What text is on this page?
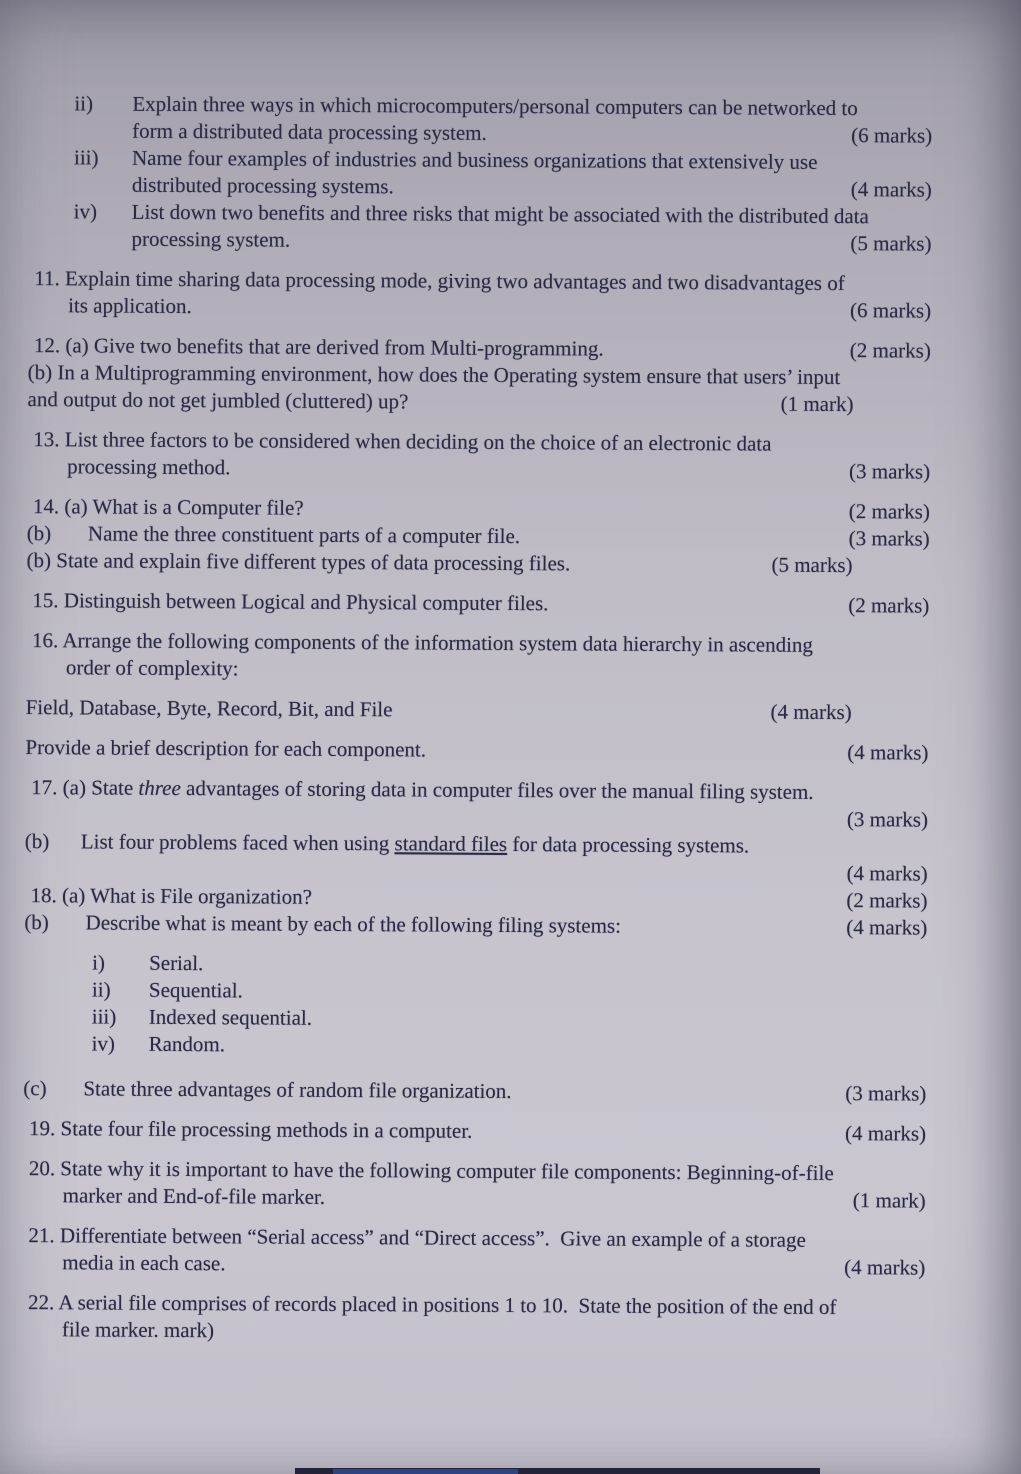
ii)	Explain three ways in which microcomputers/personal computers can be networked to
form a distributed data processing system.	(6 marks)
iii)	Name four examples of industries and business organizations that extensively use
distributed processing systems.	(4 marks)
iv)	List down two benefits and three risks that might be associated with the distributed data
processing system.	(5 marks)
11. Explain time sharing data processing mode, giving two advantages and two disadvantages of
its application.	(6 marks)
12. (a) Give two benefits that are derived from Multi-programming.	(2 marks)
(b) In a Multiprogramming environment, how does the Operating system ensure that users’ input
and output do not get jumbled (cluttered) up?	(1 mark)
13. List three factors to be considered when deciding on the choice of an electronic data
processing method.	(3 marks)
14. (a) What is a Computer file?	(2 marks)
(b)       Name the three constituent parts of a computer file.	(3 marks)
(b) State and explain five different types of data processing files.	(5 marks)
15. Distinguish between Logical and Physical computer files.	(2 marks)
16. Arrange the following components of the information system data hierarchy in ascending
order of complexity:
Field, Database, Byte, Record, Bit, and File	(4 marks)
Provide a brief description for each component.	(4 marks)
17. (a) State three advantages of storing data in computer files over the manual filing system.
(3 marks)
(b)      List four problems faced when using standard files for data processing systems.
(4 marks)
18. (a) What is File organization?	(2 marks)
(b)       Describe what is meant by each of the following filing systems:	(4 marks)
i)	Serial.
ii)	Sequential.
iii)	Indexed sequential.
iv)	Random.
(c)       State three advantages of random file organization.	(3 marks)
19. State four file processing methods in a computer.	(4 marks)
20. State why it is important to have the following computer file components: Beginning-of-file
marker and End-of-file marker.	(1 mark)
21. Differentiate between “Serial access” and “Direct access”.  Give an example of a storage
media in each case.	(4 marks)
22. A serial file comprises of records placed in positions 1 to 10.  State the position of the end of
file marker. mark)
